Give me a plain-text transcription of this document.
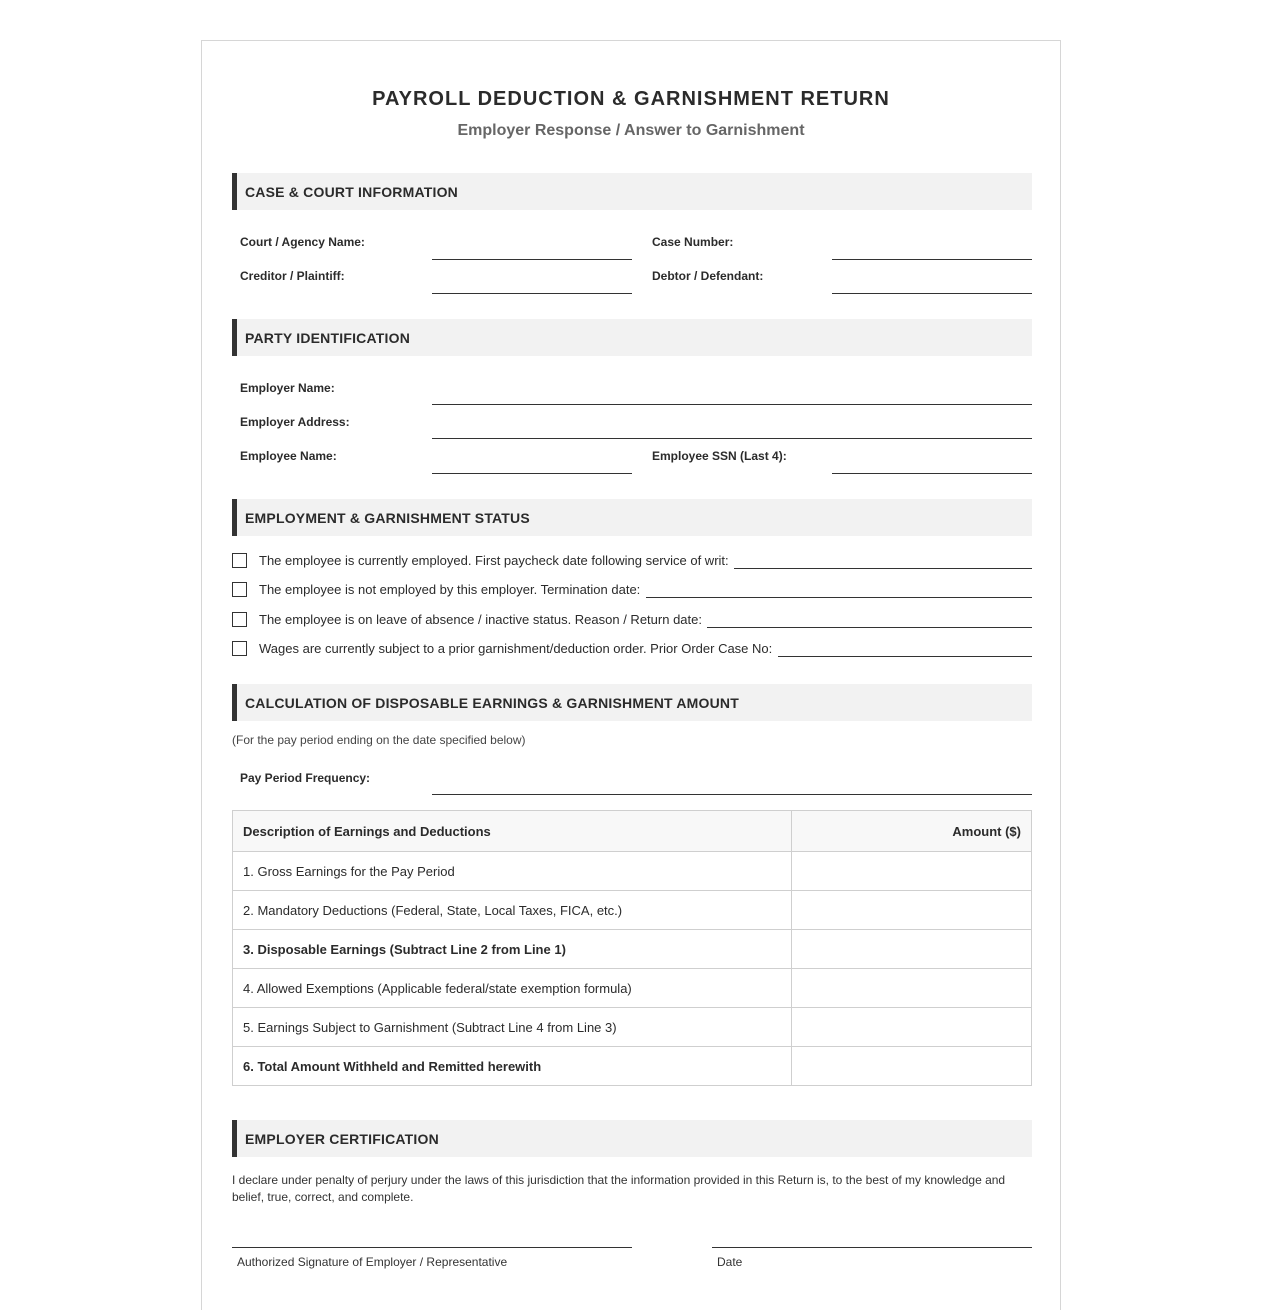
PAYROLL DEDUCTION & GARNISHMENT RETURN
Employer Response / Answer to Garnishment
CASE & COURT INFORMATION
Court / Agency Name:	Case Number:
Creditor / Plaintiff:	Debtor / Defendant:
PARTY IDENTIFICATION
Employer Name:
Employer Address:
Employee Name:	Employee SSN (Last 4):
EMPLOYMENT & GARNISHMENT STATUS
The employee is currently employed. First paycheck date following service of writ:
The employee is not employed by this employer. Termination date:
The employee is on leave of absence / inactive status. Reason / Return date:
Wages are currently subject to a prior garnishment/deduction order. Prior Order Case No:
CALCULATION OF DISPOSABLE EARNINGS & GARNISHMENT AMOUNT
(For the pay period ending on the date specified below)
Pay Period Frequency:
Description of Earnings and Deductions	Amount ($)
1. Gross Earnings for the Pay Period	
2. Mandatory Deductions (Federal, State, Local Taxes, FICA, etc.)	
3. Disposable Earnings (Subtract Line 2 from Line 1)	
4. Allowed Exemptions (Applicable federal/state exemption formula)	
5. Earnings Subject to Garnishment (Subtract Line 4 from Line 3)	
6. Total Amount Withheld and Remitted herewith	
EMPLOYER CERTIFICATION
I declare under penalty of perjury under the laws of this jurisdiction that the information provided in this Return is, to the best of my knowledge and belief, true, correct, and complete.
Authorized Signature of Employer / Representative	Date
